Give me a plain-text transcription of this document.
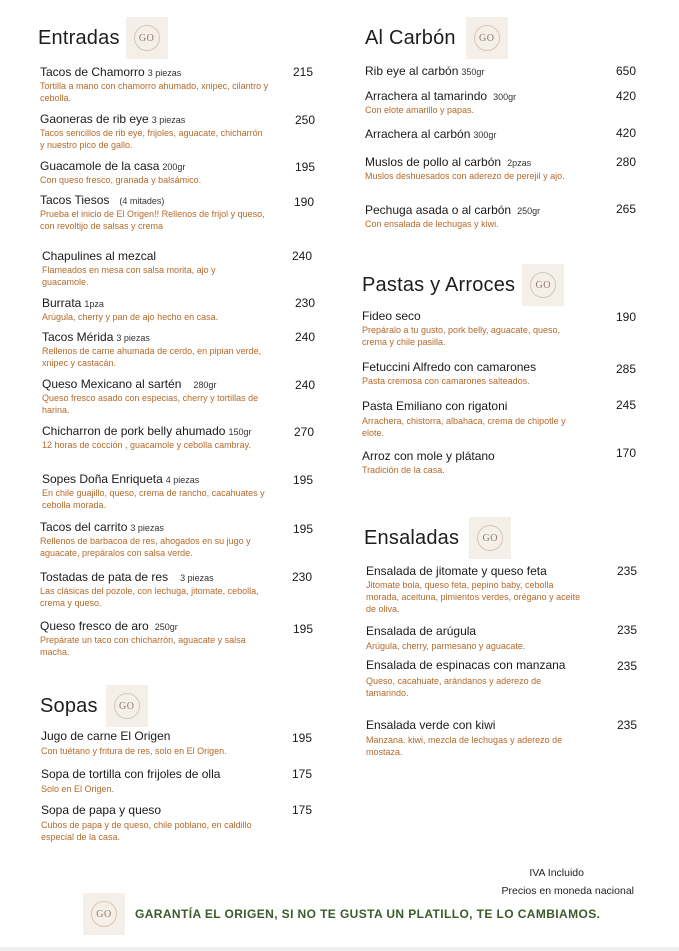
Entradas	GO
Tacos de Chamorro 3 piezas
Tortilla a mano con chamorro ahumado, xnipec, cilantro y cebolla.
215
Gaoneras de rib eye 3 piezas
Tacos sencillos de rib eye, frijoles, aguacate, chicharrón y nuestro pico de gallo.
250
Guacamole de la casa 200gr
Con queso fresco, granada y balsámico.
195
Tacos Tiesos (4 mitades)
Prueba el inicio de El Origen!! Rellenos de frijol y queso, con revoltijo de salsas y crema
190
Chapulines al mezcal
Flameados en mesa con salsa morita, ajo y guacamole.
240
Burrata 1pza
Arúgula, cherry y pan de ajo hecho en casa.
230
Tacos Mérida 3 piezas
Rellenos de carne ahumada de cerdo, en pipian verde, xnipec y castacán.
240
Queso Mexicano al sartén 280gr
Queso fresco asado con especias, cherry y tortillas de harina.
240
Chicharron de pork belly ahumado 150gr
12 horas de cocción , guacamole y cebolla cambray.
270
Sopes Doña Enriqueta 4 piezas
En chile guajillo, queso, crema de rancho, cacahuates y cebolla morada.
195
Tacos del carrito 3 piezas
Rellenos de barbacoa de res, ahogados en su jugo y aguacate, prepáralos con salsa verde.
195
Tostadas de pata de res 3 piezas
Las clásicas del pozole, con lechuga, jitomate, cebolla, crema y queso.
230
Queso fresco de aro 250gr
Prepárate un taco con chicharrón, aguacate y salsa macha.
195
Sopas	GO
Jugo de carne El Origen
Con tuétano y fritura de res, solo en El Origen.
195
Sopa de tortilla con frijoles de olla
Solo en El Origen.
175
Sopa de papa y queso
Cubos de papa y de queso, chile poblano, en caldillo especial de la casa.
175
Al Carbón	GO
Rib eye al carbón 350gr	650
Arrachera al tamarindo 300gr
Con elote amarillo y papas.
420
Arrachera al carbón 300gr	420
Muslos de pollo al carbón 2pzas
Muslos deshuesados con aderezo de perejil y ajo.
280
Pechuga asada o al carbón 250gr
Con ensalada de lechugas y kiwi.
265
Pastas y Arroces	GO
Fideo seco
Prepáralo a tu gusto, pork belly, aguacate, queso, crema y chile pasilla.
190
Fetuccini Alfredo con camarones
Pasta cremosa con camarones salteados.
285
Pasta Emiliano con rigatoni
Arrachera, chistorra, albahaca, crema de chipotle y elote.
245
Arroz con mole y plátano
Tradición de la casa.
170
Ensaladas	GO
Ensalada de jitomate y queso feta
Jitomate bola, queso feta, pepino baby, cebolla morada, aceituna, pimientos verdes, orégano y aceite de oliva.
235
Ensalada de arúgula
Arúgula, cherry, parmesano y aguacate.
235
Ensalada de espinacas con manzana
Queso, cacahuate, arándanos y aderezo de tamarindo.
235
Ensalada verde con kiwi
Manzana. kiwi, mezcla de lechugas y aderezo de mostaza.
235
IVA Incluido
Precios en moneda nacional
GO	GARANTÍA EL ORIGEN, SI NO TE GUSTA UN PLATILLO, TE LO CAMBIAMOS.
